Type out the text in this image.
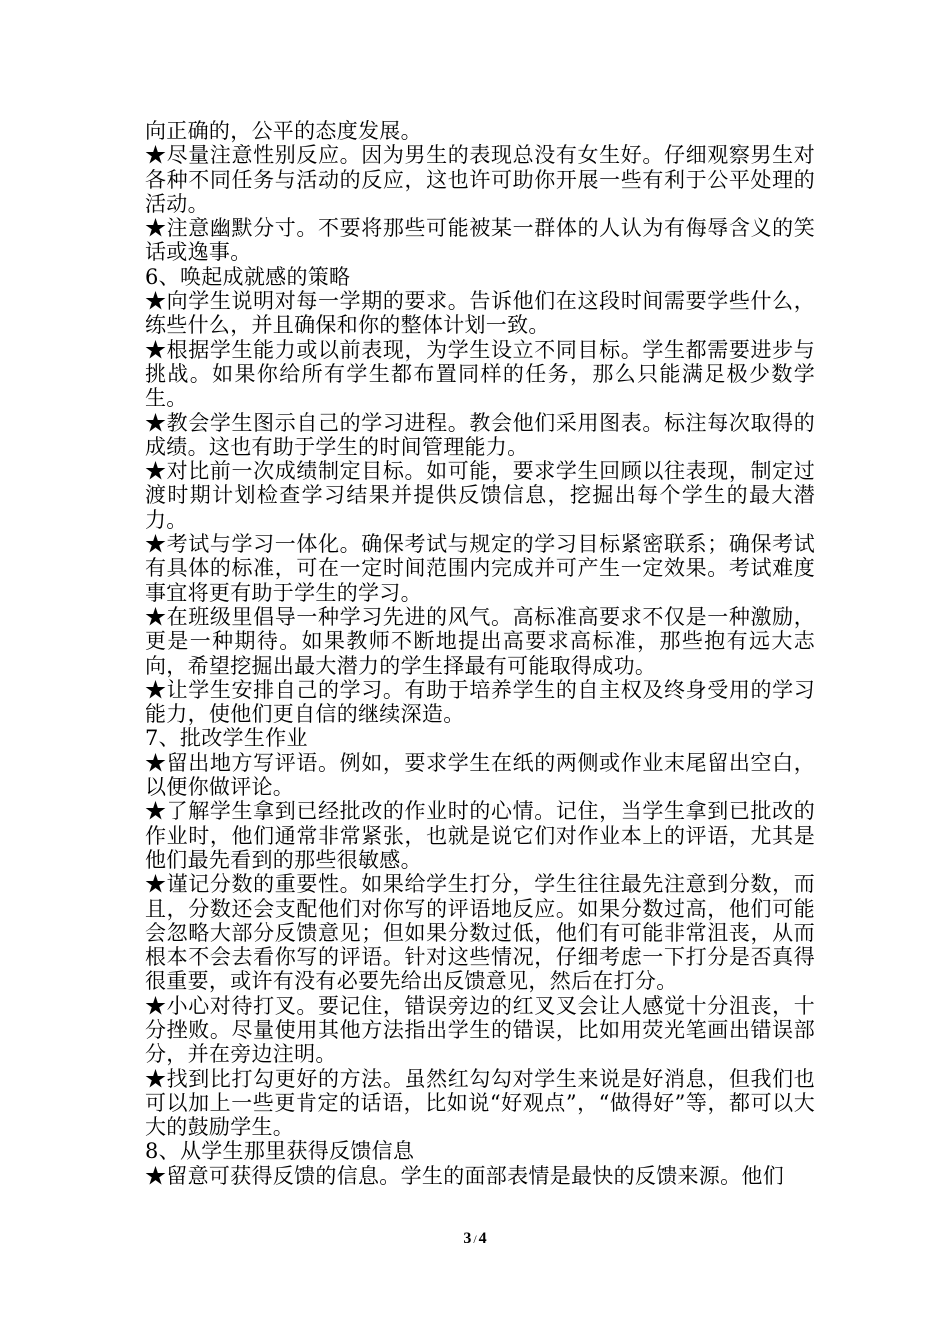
向正确的，公平的态度发展。

★尽量注意性别反应。因为男生的表现总没有女生好。仔细观察男生对各种不同任务与活动的反应，这也许可助你开展一些有利于公平处理的活动。

★注意幽默分寸。不要将那些可能被某一群体的人认为有侮辱含义的笑话或逸事。

6、唤起成就感的策略

★向学生说明对每一学期的要求。告诉他们在这段时间需要学些什么，练些什么，并且确保和你的整体计划一致。

★根据学生能力或以前表现，为学生设立不同目标。学生都需要进步与挑战。如果你给所有学生都布置同样的任务，那么只能满足极少数学生。

★教会学生图示自己的学习进程。教会他们采用图表。标注每次取得的成绩。这也有助于学生的时间管理能力。

★对比前一次成绩制定目标。如可能，要求学生回顾以往表现，制定过渡时期计划检查学习结果并提供反馈信息，挖掘出每个学生的最大潜力。

★考试与学习一体化。确保考试与规定的学习目标紧密联系；确保考试有具体的标准，可在一定时间范围内完成并可产生一定效果。考试难度事宜将更有助于学生的学习。

★在班级里倡导一种学习先进的风气。高标准高要求不仅是一种激励，更是一种期待。如果教师不断地提出高要求高标准，那些抱有远大志向，希望挖掘出最大潜力的学生择最有可能取得成功。

★让学生安排自己的学习。有助于培养学生的自主权及终身受用的学习能力，使他们更自信的继续深造。

7、批改学生作业

★留出地方写评语。例如，要求学生在纸的两侧或作业末尾留出空白，以便你做评论。

★了解学生拿到已经批改的作业时的心情。记住，当学生拿到已批改的作业时，他们通常非常紧张，也就是说它们对作业本上的评语，尤其是他们最先看到的那些很敏感。

★谨记分数的重要性。如果给学生打分，学生往往最先注意到分数，而且，分数还会支配他们对你写的评语地反应。如果分数过高，他们可能会忽略大部分反馈意见；但如果分数过低，他们有可能非常沮丧，从而根本不会去看你写的评语。针对这些情况，仔细考虑一下打分是否真得很重要，或许有没有必要先给出反馈意见，然后在打分。

★小心对待打叉。要记住，错误旁边的红叉叉会让人感觉十分沮丧，十分挫败。尽量使用其他方法指出学生的错误，比如用荧光笔画出错误部分，并在旁边注明。

★找到比打勾更好的方法。虽然红勾勾对学生来说是好消息，但我们也可以加上一些更肯定的话语，比如说“好观点”，“做得好”等，都可以大大的鼓励学生。

8、从学生那里获得反馈信息

★留意可获得反馈的信息。学生的面部表情是最快的反馈来源。他们

3 / 4
